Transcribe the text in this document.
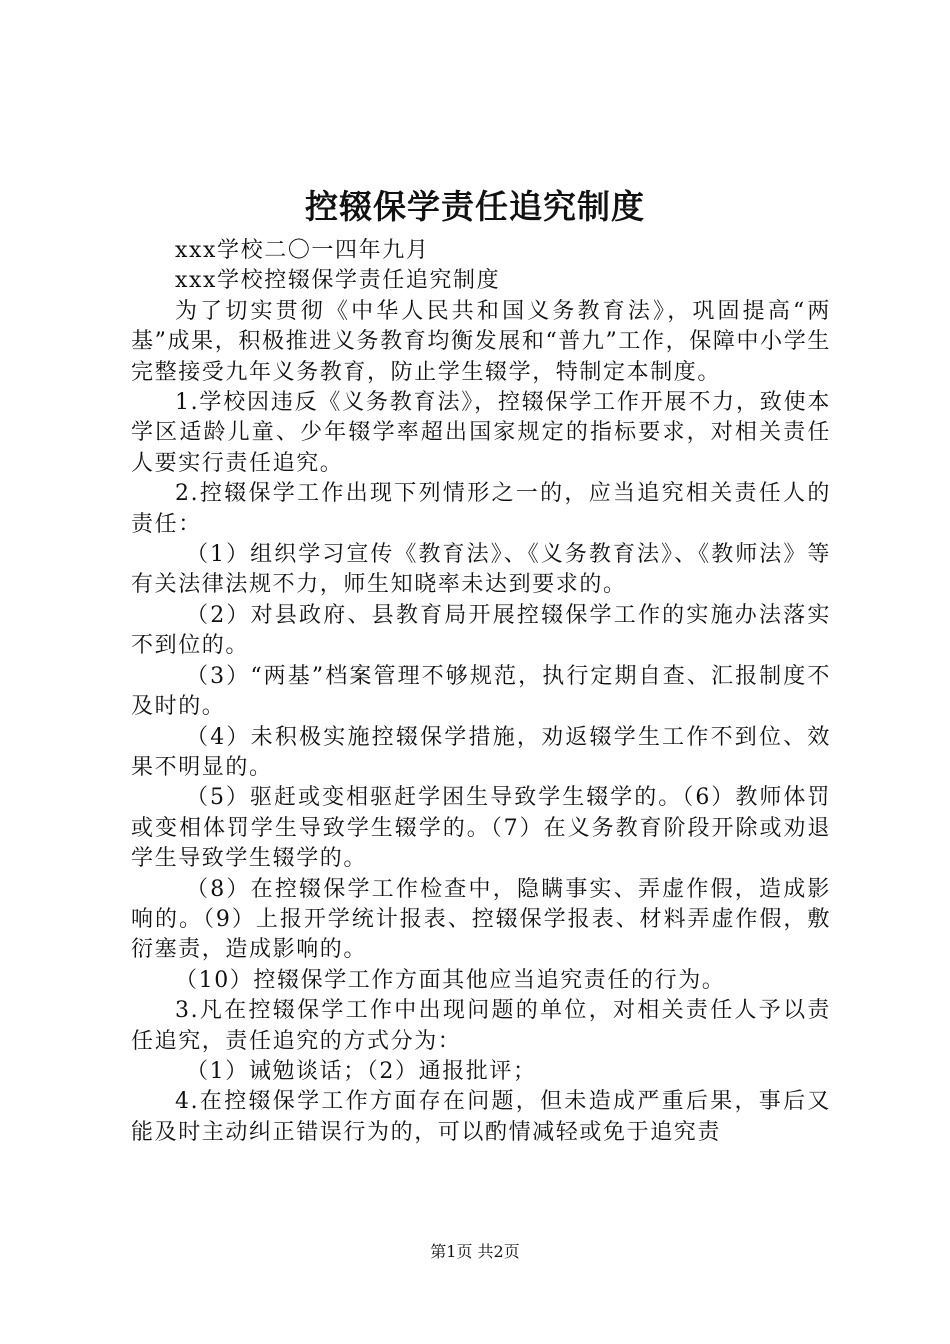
控辍保学责任追究制度

xxx学校二〇一四年九月

xxx学校控辍保学责任追究制度

为了切实贯彻《中华人民共和国义务教育法》，巩固提高“两基”成果，积极推进义务教育均衡发展和“普九”工作，保障中小学生完整接受九年义务教育，防止学生辍学，特制定本制度。

1.学校因违反《义务教育法》，控辍保学工作开展不力，致使本学区适龄儿童、少年辍学率超出国家规定的指标要求，对相关责任人要实行责任追究。

2.控辍保学工作出现下列情形之一的，应当追究相关责任人的责任：

（1）组织学习宣传《教育法》、《义务教育法》、《教师法》等有关法律法规不力，师生知晓率未达到要求的。

（2）对县政府、县教育局开展控辍保学工作的实施办法落实不到位的。

（3）“两基”档案管理不够规范，执行定期自查、汇报制度不及时的。

（4）未积极实施控辍保学措施，劝返辍学生工作不到位、效果不明显的。

（5）驱赶或变相驱赶学困生导致学生辍学的。（6）教师体罚或变相体罚学生导致学生辍学的。（7）在义务教育阶段开除或劝退学生导致学生辍学的。

（8）在控辍保学工作检查中，隐瞒事实、弄虚作假，造成影响的。（9）上报开学统计报表、控辍保学报表、材料弄虚作假，敷衍塞责，造成影响的。

（10）控辍保学工作方面其他应当追究责任的行为。

3.凡在控辍保学工作中出现问题的单位，对相关责任人予以责任追究，责任追究的方式分为：

（1）诫勉谈话；（2）通报批评；

4.在控辍保学工作方面存在问题，但未造成严重后果，事后又能及时主动纠正错误行为的，可以酌情减轻或免于追究责

第1页 共2页
